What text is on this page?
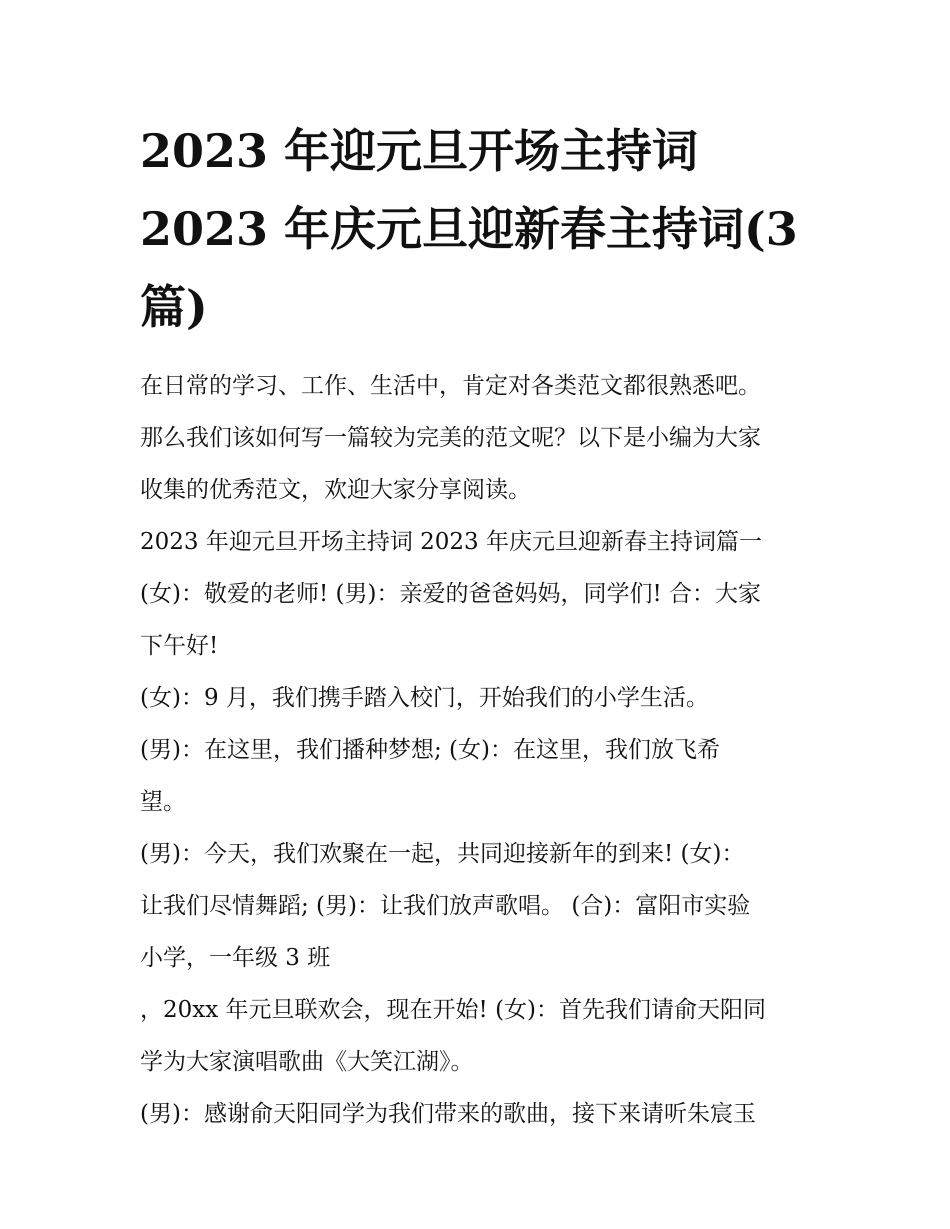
2023 年迎元旦开场主持词
2023 年庆元旦迎新春主持词(3
篇)

在日常的学习、工作、生活中，肯定对各类范文都很熟悉吧。
那么我们该如何写一篇较为完美的范文呢？以下是小编为大家
收集的优秀范文，欢迎大家分享阅读。

2023 年迎元旦开场主持词 2023 年庆元旦迎新春主持词篇一

(女)：敬爱的老师! (男)：亲爱的爸爸妈妈，同学们! 合：大家
下午好!

(女)：9 月，我们携手踏入校门，开始我们的小学生活。

(男)：在这里，我们播种梦想; (女)：在这里，我们放飞希
望。

(男)：今天，我们欢聚在一起，共同迎接新年的到来! (女)：
让我们尽情舞蹈; (男)：让我们放声歌唱。 (合)：富阳市实验
小学，一年级 3 班
，20xx 年元旦联欢会，现在开始! (女)：首先我们请俞天阳同
学为大家演唱歌曲《大笑江湖》。

(男)：感谢俞天阳同学为我们带来的歌曲，接下来请听朱宸玉
